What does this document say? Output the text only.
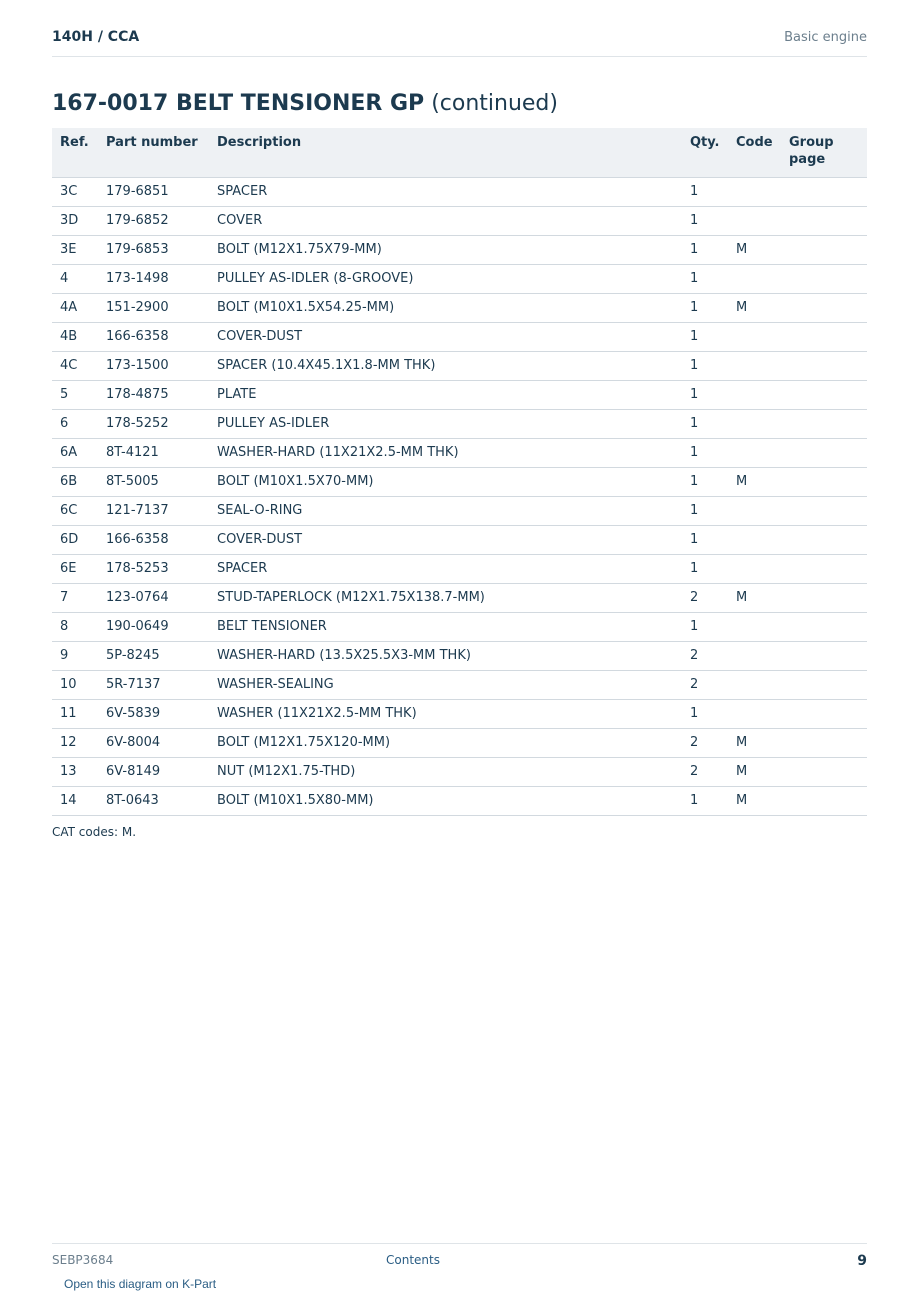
140H / CCA	Basic engine
167-0017 BELT TENSIONER GP (continued)
Ref.	Part number	Description	Qty.	Code	Group page
3C	179-6851	SPACER	1		
3D	179-6852	COVER	1		
3E	179-6853	BOLT (M12X1.75X79-MM)	1	M	
4	173-1498	PULLEY AS-IDLER (8-GROOVE)	1		
4A	151-2900	BOLT (M10X1.5X54.25-MM)	1	M	
4B	166-6358	COVER-DUST	1		
4C	173-1500	SPACER (10.4X45.1X1.8-MM THK)	1		
5	178-4875	PLATE	1		
6	178-5252	PULLEY AS-IDLER	1		
6A	8T-4121	WASHER-HARD (11X21X2.5-MM THK)	1		
6B	8T-5005	BOLT (M10X1.5X70-MM)	1	M	
6C	121-7137	SEAL-O-RING	1		
6D	166-6358	COVER-DUST	1		
6E	178-5253	SPACER	1		
7	123-0764	STUD-TAPERLOCK (M12X1.75X138.7-MM)	2	M	
8	190-0649	BELT TENSIONER	1		
9	5P-8245	WASHER-HARD (13.5X25.5X3-MM THK)	2		
10	5R-7137	WASHER-SEALING	2		
11	6V-5839	WASHER (11X21X2.5-MM THK)	1		
12	6V-8004	BOLT (M12X1.75X120-MM)	2	M	
13	6V-8149	NUT (M12X1.75-THD)	2	M	
14	8T-0643	BOLT (M10X1.5X80-MM)	1	M	
CAT codes: M.
SEBP3684	Contents	9
Open this diagram on K-Part
